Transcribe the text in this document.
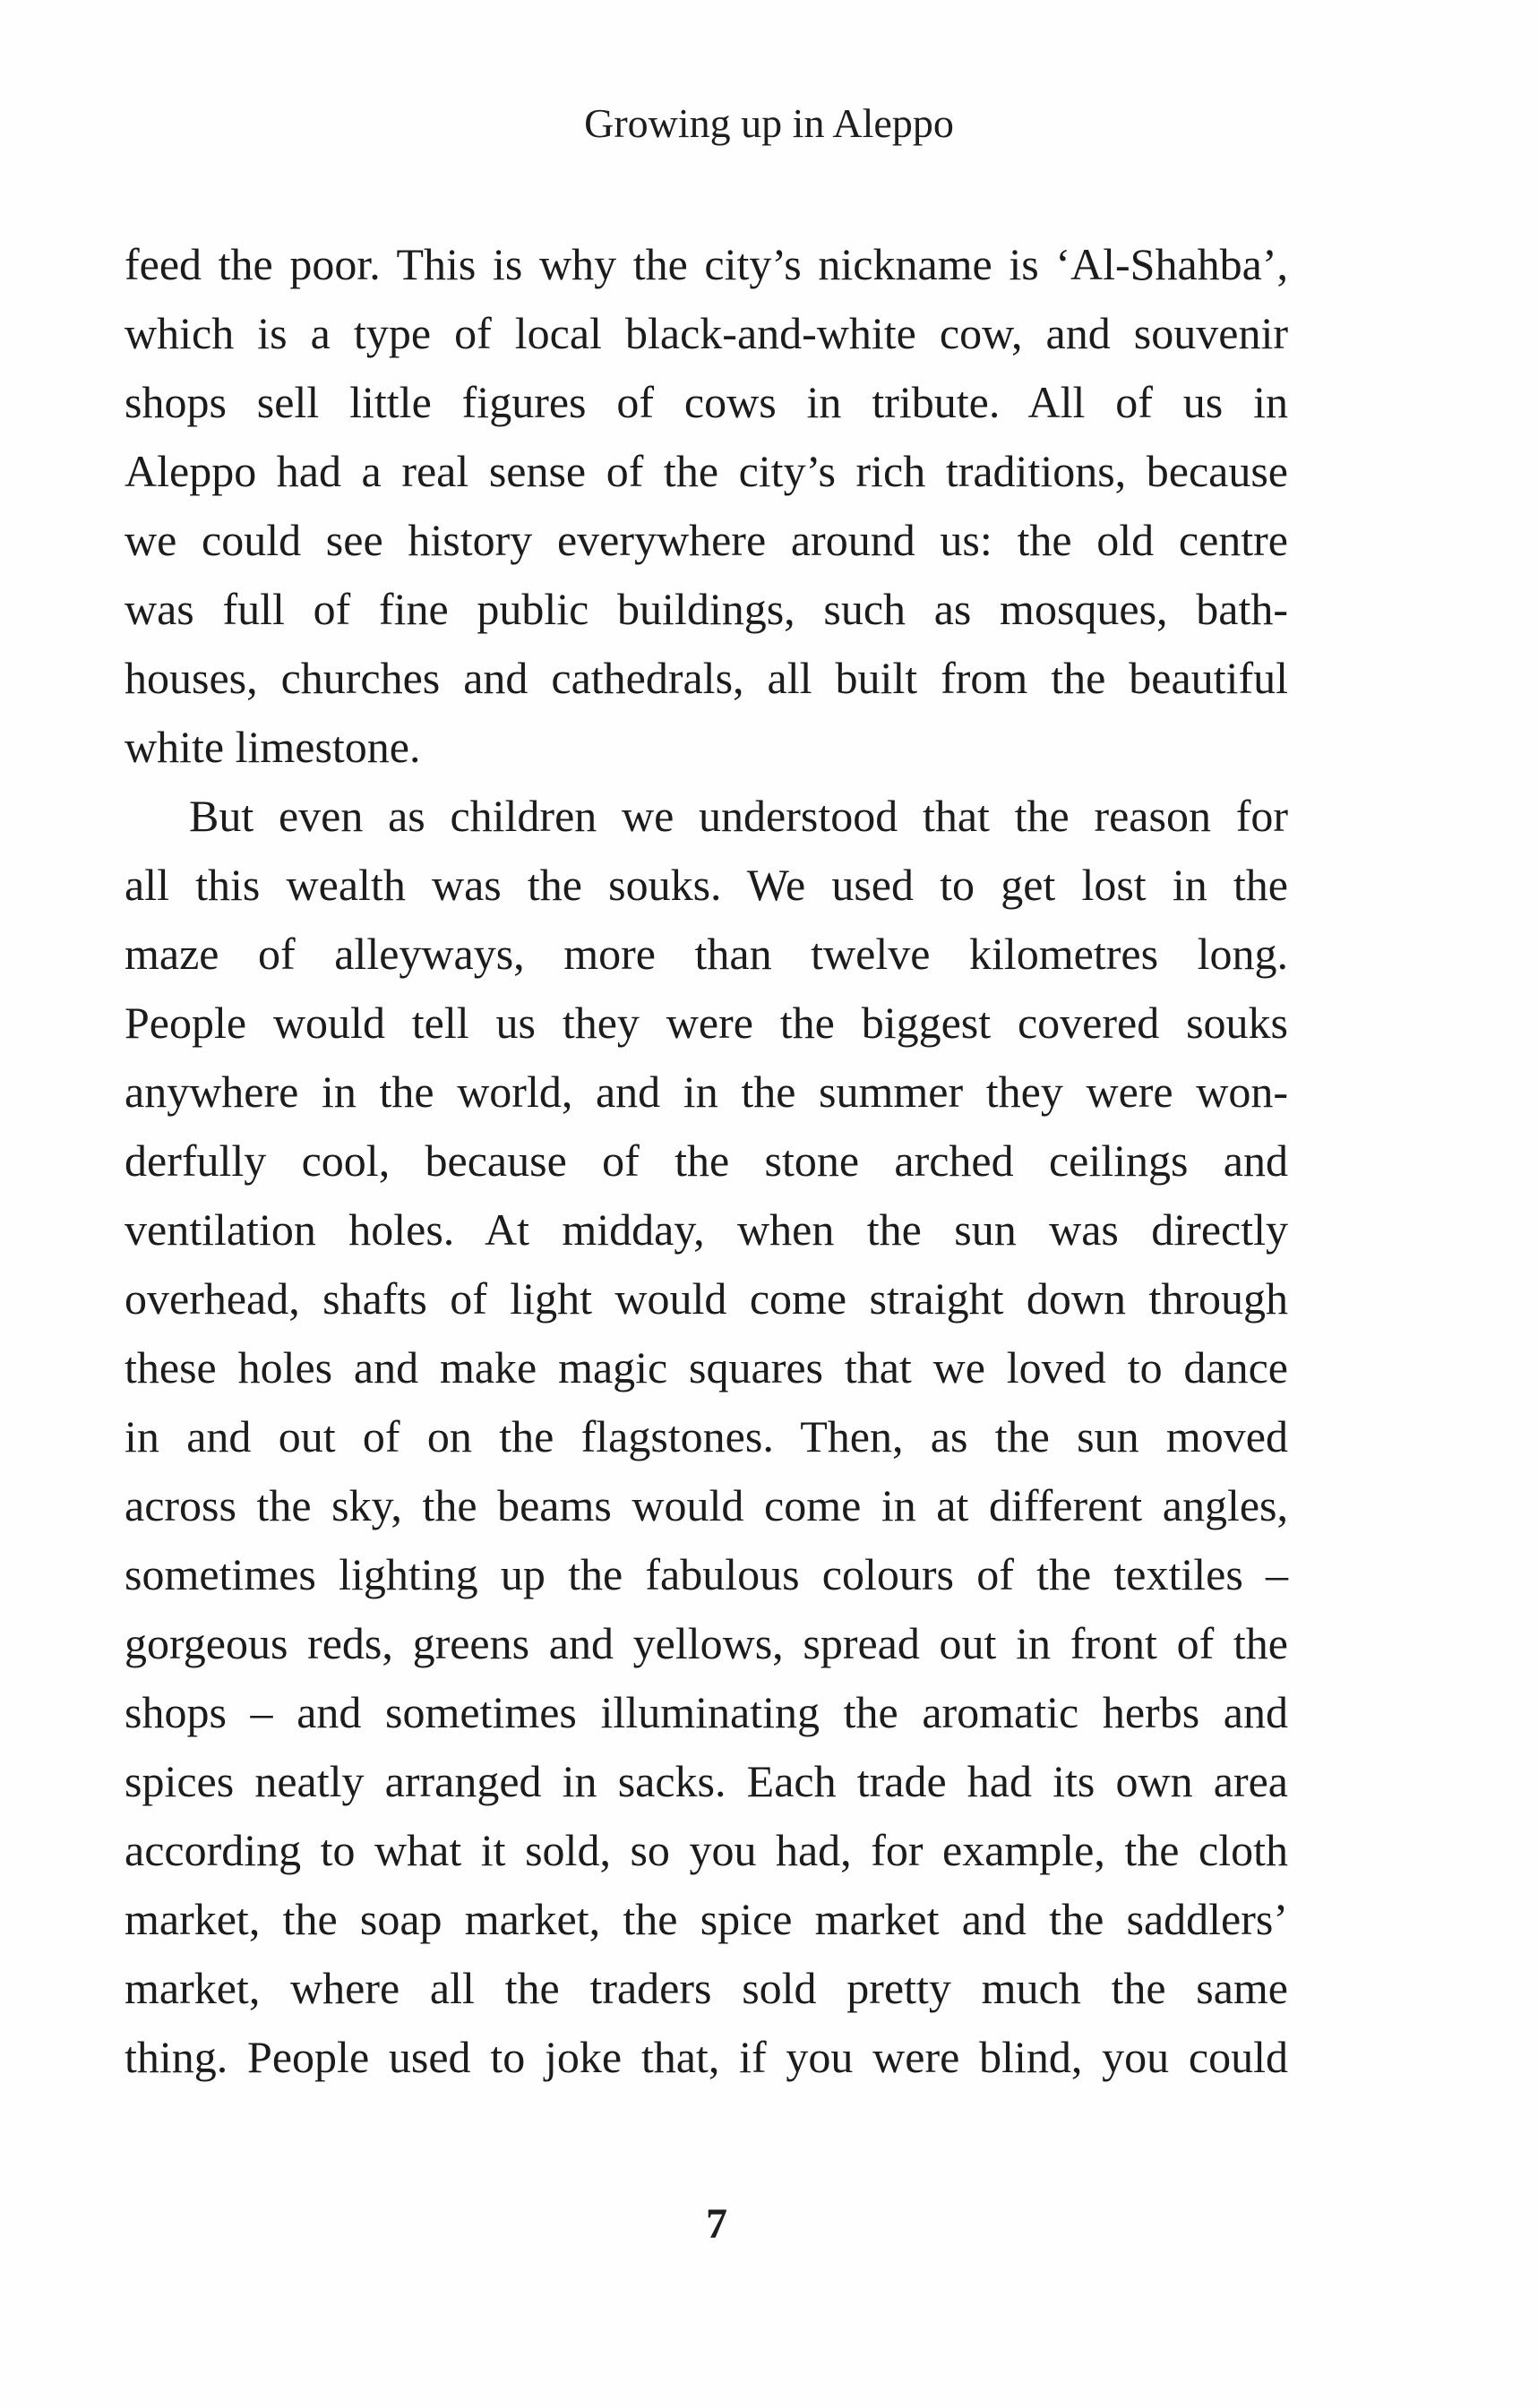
Growing up in Aleppo
feed the poor. This is why the city’s nickname is ‘Al-Shahba’,
which is a type of local black-and-white cow, and souvenir
shops sell little figures of cows in tribute. All of us in
Aleppo had a real sense of the city’s rich traditions, because
we could see history everywhere around us: the old centre
was full of fine public buildings, such as mosques, bath-
houses, churches and cathedrals, all built from the beautiful
white limestone.
But even as children we understood that the reason for
all this wealth was the souks. We used to get lost in the
maze of alleyways, more than twelve kilometres long.
People would tell us they were the biggest covered souks
anywhere in the world, and in the summer they were won-
derfully cool, because of the stone arched ceilings and
ventilation holes. At midday, when the sun was directly
overhead, shafts of light would come straight down through
these holes and make magic squares that we loved to dance
in and out of on the flagstones. Then, as the sun moved
across the sky, the beams would come in at different angles,
sometimes lighting up the fabulous colours of the textiles –
gorgeous reds, greens and yellows, spread out in front of the
shops – and sometimes illuminating the aromatic herbs and
spices neatly arranged in sacks. Each trade had its own area
according to what it sold, so you had, for example, the cloth
market, the soap market, the spice market and the saddlers’
market, where all the traders sold pretty much the same
thing. People used to joke that, if you were blind, you could
7
